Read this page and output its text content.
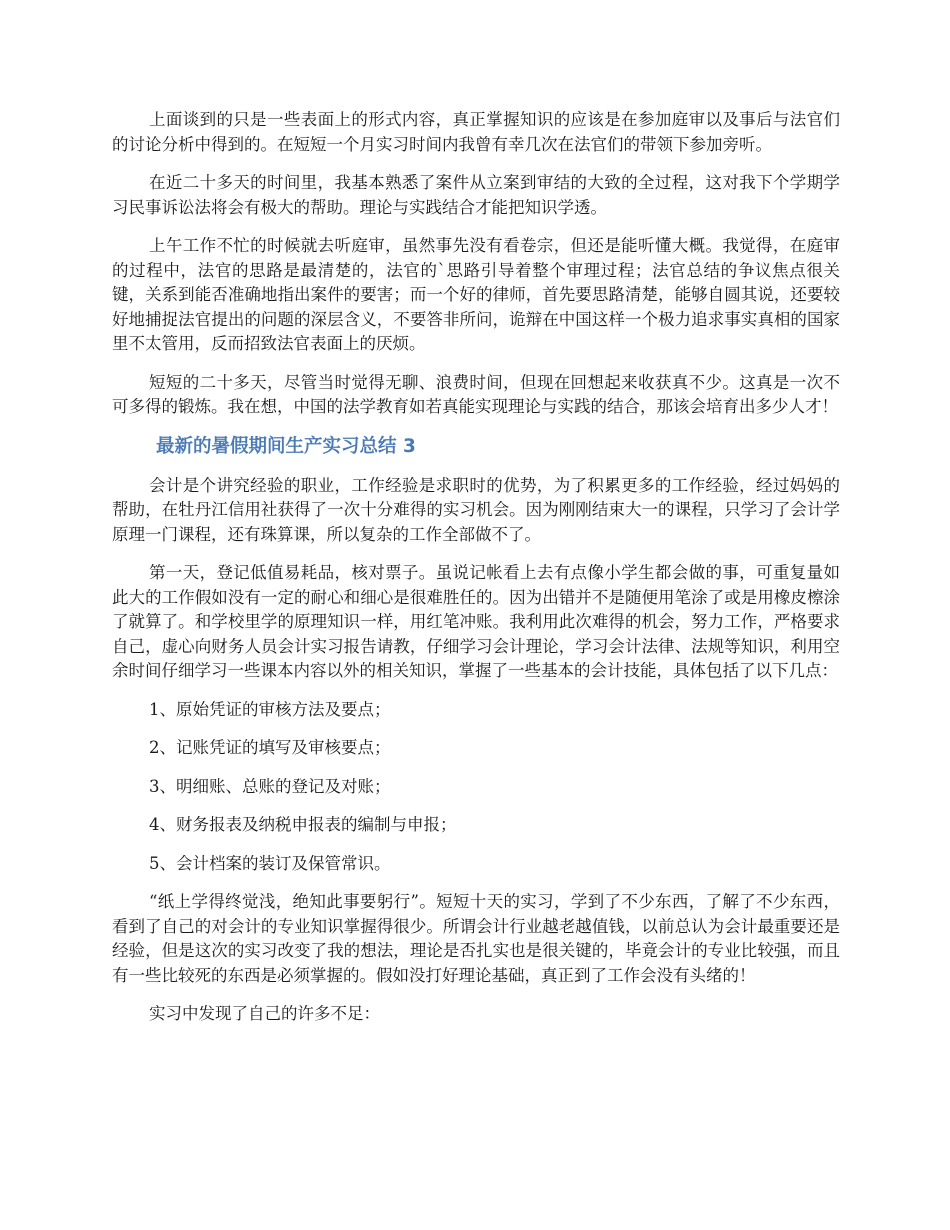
上面谈到的只是一些表面上的形式内容，真正掌握知识的应该是在参加庭审以及事后与法官们的讨论分析中得到的。在短短一个月实习时间内我曾有幸几次在法官们的带领下参加旁听。

在近二十多天的时间里，我基本熟悉了案件从立案到审结的大致的全过程，这对我下个学期学习民事诉讼法将会有极大的帮助。理论与实践结合才能把知识学透。

上午工作不忙的时候就去听庭审，虽然事先没有看卷宗，但还是能听懂大概。我觉得，在庭审的过程中，法官的思路是最清楚的，法官的`思路引导着整个审理过程；法官总结的争议焦点很关键，关系到能否准确地指出案件的要害；而一个好的律师，首先要思路清楚，能够自圆其说，还要较好地捕捉法官提出的问题的深层含义，不要答非所问，诡辩在中国这样一个极力追求事实真相的国家里不太管用，反而招致法官表面上的厌烦。

短短的二十多天，尽管当时觉得无聊、浪费时间，但现在回想起来收获真不少。这真是一次不可多得的锻炼。我在想，中国的法学教育如若真能实现理论与实践的结合，那该会培育出多少人才！

最新的暑假期间生产实习总结 3

会计是个讲究经验的职业，工作经验是求职时的优势，为了积累更多的工作经验，经过妈妈的帮助，在牡丹江信用社获得了一次十分难得的实习机会。因为刚刚结束大一的课程，只学习了会计学原理一门课程，还有珠算课，所以复杂的工作全部做不了。

第一天，登记低值易耗品，核对票子。虽说记帐看上去有点像小学生都会做的事，可重复量如此大的工作假如没有一定的耐心和细心是很难胜任的。因为出错并不是随便用笔涂了或是用橡皮檫涂了就算了。和学校里学的原理知识一样，用红笔冲账。我利用此次难得的机会，努力工作，严格要求自己，虚心向财务人员会计实习报告请教，仔细学习会计理论，学习会计法律、法规等知识，利用空余时间仔细学习一些课本内容以外的相关知识，掌握了一些基本的会计技能，具体包括了以下几点：

1、原始凭证的审核方法及要点；

2、记账凭证的填写及审核要点；

3、明细账、总账的登记及对账；

4、财务报表及纳税申报表的编制与申报；

5、会计档案的装订及保管常识。

“纸上学得终觉浅，绝知此事要躬行”。短短十天的实习，学到了不少东西，了解了不少东西，看到了自己的对会计的专业知识掌握得很少。所谓会计行业越老越值钱，以前总认为会计最重要还是经验，但是这次的实习改变了我的想法，理论是否扎实也是很关键的，毕竟会计的专业比较强，而且有一些比较死的东西是必须掌握的。假如没打好理论基础，真正到了工作会没有头绪的！

实习中发现了自己的许多不足：
